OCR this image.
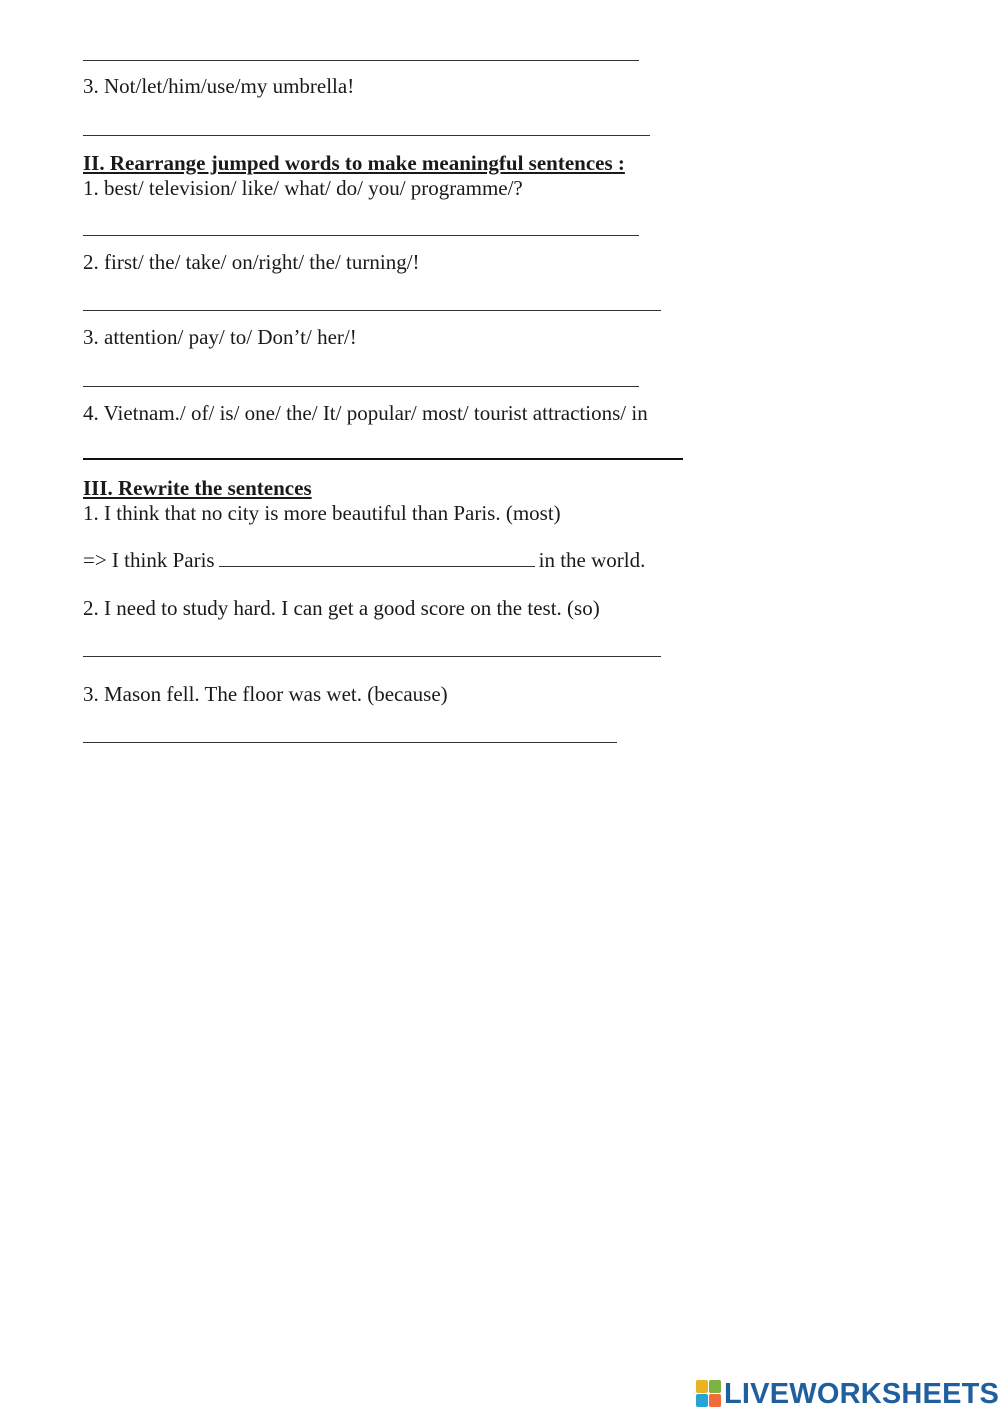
3. Not/let/him/use/my umbrella!
II. Rearrange jumped words to make meaningful sentences :
1. best/ television/ like/ what/ do/ you/ programme/?
2. first/ the/ take/ on/right/ the/ turning/!
3. attention/ pay/ to/ Don’t/ her/!
4. Vietnam./ of/ is/ one/ the/ It/ popular/ most/ tourist attractions/ in
III. Rewrite the sentences
1. I think that no city is more beautiful than Paris. (most)
=> I think Paris	in the world.
2. I need to study hard. I can get a good score on the test. (so)
3. Mason fell. The floor was wet. (because)
LIVEWORKSHEETS
